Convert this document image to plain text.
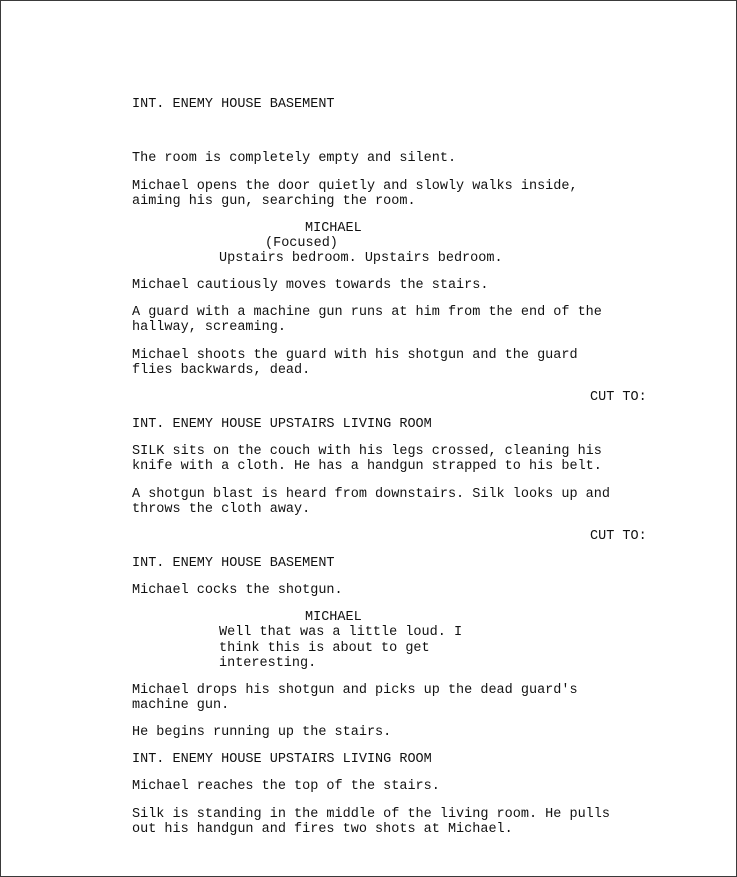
INT. ENEMY HOUSE BASEMENT

The room is completely empty and silent.

Michael opens the door quietly and slowly walks inside,

aiming his gun, searching the room.

MICHAEL

(Focused)

Upstairs bedroom. Upstairs bedroom.

Michael cautiously moves towards the stairs.

A guard with a machine gun runs at him from the end of the

hallway, screaming.

Michael shoots the guard with his shotgun and the guard

flies backwards, dead.

CUT TO:

INT. ENEMY HOUSE UPSTAIRS LIVING ROOM

SILK sits on the couch with his legs crossed, cleaning his

knife with a cloth. He has a handgun strapped to his belt.

A shotgun blast is heard from downstairs. Silk looks up and

throws the cloth away.

CUT TO:

INT. ENEMY HOUSE BASEMENT

Michael cocks the shotgun.

MICHAEL

Well that was a little loud. I

think this is about to get

interesting.

Michael drops his shotgun and picks up the dead guard's

machine gun.

He begins running up the stairs.

INT. ENEMY HOUSE UPSTAIRS LIVING ROOM

Michael reaches the top of the stairs.

Silk is standing in the middle of the living room. He pulls

out his handgun and fires two shots at Michael.
